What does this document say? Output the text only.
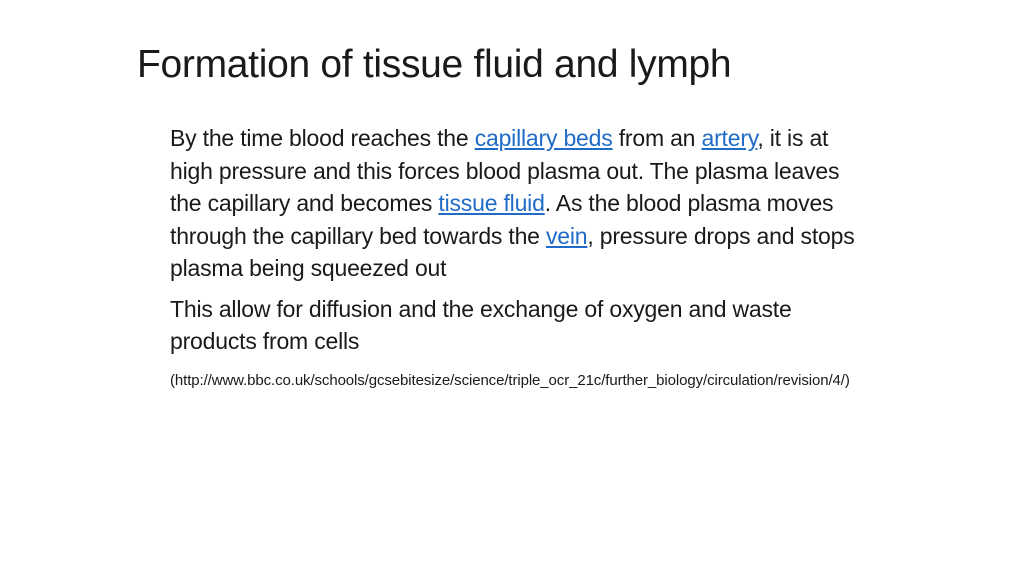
Formation of tissue fluid and lymph

By the time blood reaches the capillary beds from an artery, it is at high pressure and this forces blood plasma out. The plasma leaves the capillary and becomes tissue fluid. As the blood plasma moves through the capillary bed towards the vein, pressure drops and stops plasma being squeezed out

This allow for diffusion and the exchange of oxygen and waste products from cells

(http://www.bbc.co.uk/schools/gcsebitesize/science/triple_ocr_21c/further_biology/circulation/revision/4/)
